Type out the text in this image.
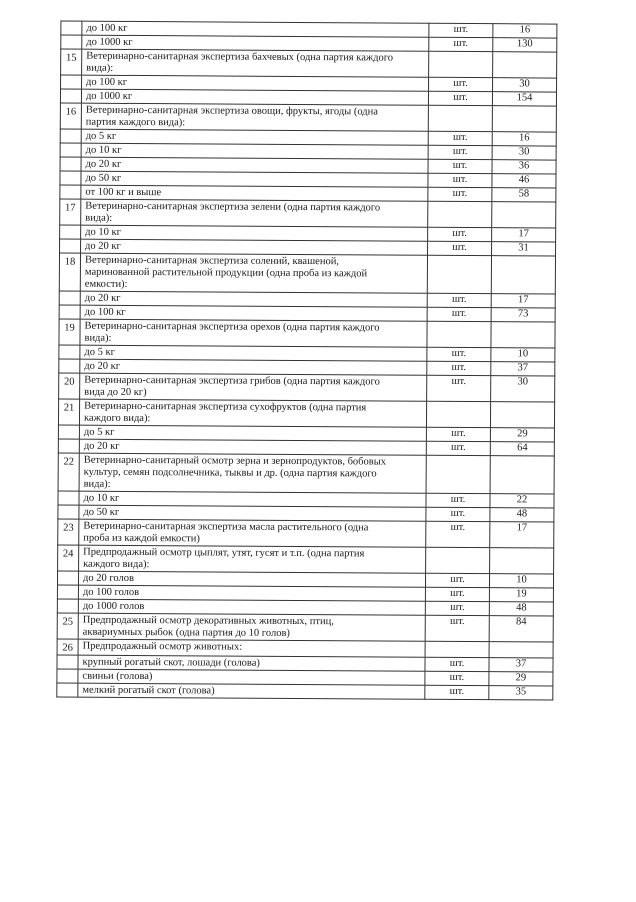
	до 100 кг	шт.	16

	до 1000 кг	шт.	130

15	Ветеринарно-санитарная экспертиза бахчевых (одна партия каждого
вида):		

	до 100 кг	шт.	30

	до 1000 кг	шт.	154

16	Ветеринарно-санитарная экспертиза овощи, фрукты, ягоды (одна
партия каждого вида):		

	до 5 кг	шт.	16

	до 10 кг	шт.	30

	до 20 кг	шт.	36

	до 50 кг	шт.	46

	от 100 кг и выше	шт.	58

17	Ветеринарно-санитарная экспертиза зелени (одна партия каждого
вида):		

	до 10 кг	шт.	17

	до 20 кг	шт.	31

18	Ветеринарно-санитарная экспертиза солений, квашеной,
маринованной растительной продукции (одна проба из каждой
емкости):		

	до 20 кг	шт.	17

	до 100 кг	шт.	73

19	Ветеринарно-санитарная экспертиза орехов (одна партия каждого
вида):		

	до 5 кг	шт.	10

	до 20 кг	шт.	37

20	Ветеринарно-санитарная экспертиза грибов (одна партия каждого
вида до 20 кг)	шт.	30

21	Ветеринарно-санитарная экспертиза сухофруктов (одна партия
каждого вида):		

	до 5 кг	шт.	29

	до 20 кг	шт.	64

22	Ветеринарно-санитарный осмотр зерна и зернопродуктов, бобовых
культур, семян подсолнечника, тыквы и др. (одна партия каждого
вида):		

	до 10 кг	шт.	22

	до 50 кг	шт.	48

23	Ветеринарно-санитарная экспертиза масла растительного (одна
проба из каждой емкости)	шт.	17

24	Предпродажный осмотр цыплят, утят, гусят и т.п. (одна партия
каждого вида):		

	до 20 голов	шт.	10

	до 100 голов	шт.	19

	до 1000 голов	шт.	48

25	Предпродажный осмотр декоративных животных, птиц,
аквариумных рыбок (одна партия до 10 голов)	шт.	84

26	Предпродажный осмотр животных:		

	крупный рогатый скот, лошади (голова)	шт.	37

	свиньи (голова)	шт.	29

	мелкий рогатый скот (голова)	шт.	35
